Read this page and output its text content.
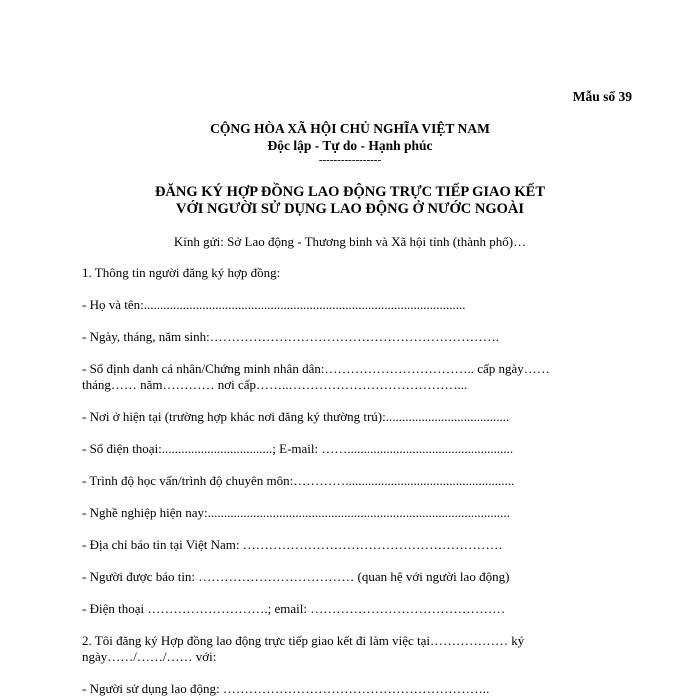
Mẫu số 39
CỘNG HÒA XÃ HỘI CHỦ NGHĨA VIỆT NAM
Độc lập - Tự do - Hạnh phúc
-----------------
ĐĂNG KÝ HỢP ĐỒNG LAO ĐỘNG TRỰC TIẾP GIAO KẾT
VỚI NGƯỜI SỬ DỤNG LAO ĐỘNG Ở NƯỚC NGOÀI
Kính gửi: Sở Lao động - Thương binh và Xã hội tỉnh (thành phố)…
1. Thông tin người đăng ký hợp đồng:
- Họ và tên:...................................................................................................
- Ngày, tháng, năm sinh:………………………………………………………….
- Số định danh cá nhân/Chứng minh nhân dân:…………………………….. cấp ngày……
tháng…… năm………… nơi cấp……..…………………………………...
- Nơi ở hiện tại (trường hợp khác nơi đăng ký thường trú):......................................
- Số điện thoại:..................................; E-mail: ……...................................................
- Trình độ học vấn/trình độ chuyên môn:…………....................................................
- Nghề nghiệp hiện nay:.............................................................................................
- Địa chỉ báo tin tại Việt Nam: ……………………………………………………
- Người được báo tin: ……………………………… (quan hệ với người lao động)
- Điện thoại ……………………….; email: ………………………………………
2. Tôi đăng ký Hợp đồng lao động trực tiếp giao kết đi làm việc tại……………… ký
ngày……/……/…… với:
- Người sử dụng lao động: ……………………………………………………..
